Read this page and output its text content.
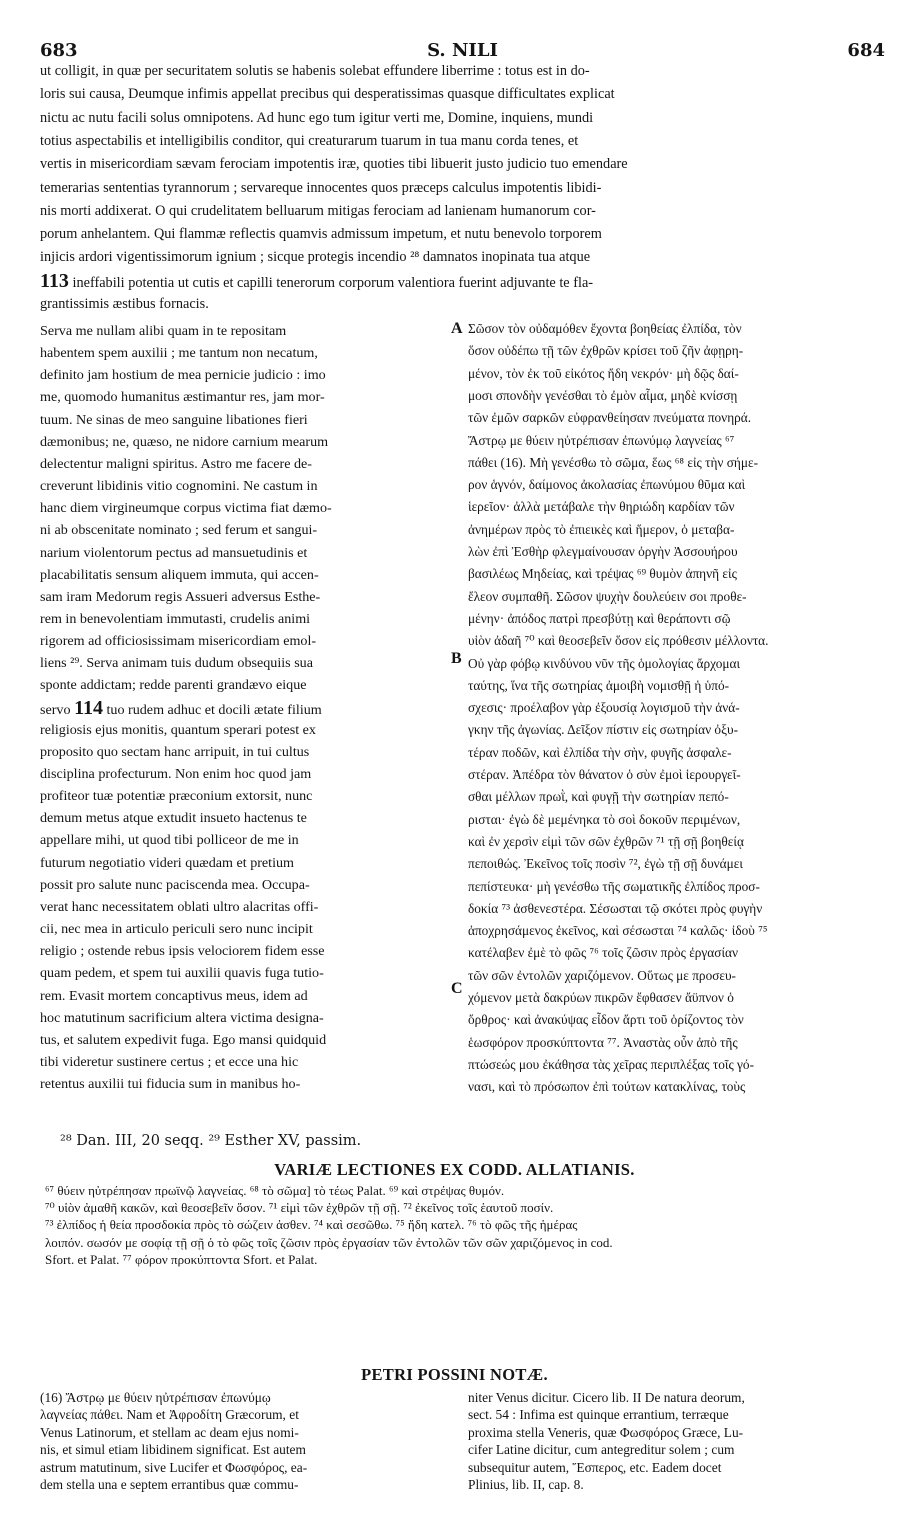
683	S. NILI	684
ut colligit, in quæ per securitatem solutis se habenis solebat effundere liberrime : totus est in do-
loris sui causa, Deumque infimis appellat precibus qui desperatissimas quasque difficultates explicat
nictu ac nutu facili solus omnipotens. Ad hunc ego tum igitur verti me, Domine, inquiens, mundi
totius aspectabilis et intelligibilis conditor, qui creaturarum tuarum in tua manu corda tenes, et
vertis in misericordiam sævam ferociam impotentis iræ, quoties tibi libuerit justo judicio tuo emendare
temerarias sententias tyrannorum ; servareque innocentes quos præceps calculus impotentis libidi-
nis morti addixerat. O qui crudelitatem belluarum mitigas ferociam ad lanienam humanorum cor-
porum anhelantem. Qui flammæ reflectis quamvis admissum impetum, et nutu benevolo torporem
injicis ardori vigentissimorum ignium ; sicque protegis incendio ²⁸ damnatos inopinata tua atque
113 ineffabili potentia ut cutis et capilli tenerorum corporum valentiora fuerint adjuvante te fla-
grantissimis æstibus fornacis.
Serva me nullam alibi quam in te repositam
habentem spem auxilii ; me tantum non necatum,
definito jam hostium de mea pernicie judicio : imo
me, quomodo humanitus æstimantur res, jam mor-
tuum. Ne sinas de meo sanguine libationes fieri
dæmonibus; ne, quæso, ne nidore carnium mearum
delectentur maligni spiritus. Astro me facere de-
creverunt libidinis vitio cognomini. Ne castum in
hanc diem virgineumque corpus victima fiat dæmo-
ni ab obscenitate nominato ; sed ferum et sangui-
narium violentorum pectus ad mansuetudinis et
placabilitatis sensum aliquem immuta, qui accen-
sam iram Medorum regis Assueri adversus Esthe-
rem in benevolentiam immutasti, crudelis animi
rigorem ad officiosissimam misericordiam emol-
liens ²⁹. Serva animam tuis dudum obsequiis sua
sponte addictam; redde parenti grandævo eique
servo 114 tuo rudem adhuc et docili ætate filium
religiosis ejus monitis, quantum sperari potest ex
proposito quo sectam hanc arripuit, in tui cultus
disciplina profecturum. Non enim hoc quod jam
profiteor tuæ potentiæ præconium extorsit, nunc
demum metus atque extudit insueto hactenus te
appellare mihi, ut quod tibi polliceor de me in
futurum negotiatio videri quædam et pretium
possit pro salute nunc paciscenda mea. Occupa-
verat hanc necessitatem oblati ultro alacritas offi-
cii, nec mea in articulo periculi sero nunc incipit
religio ; ostende rebus ipsis velociorem fidem esse
quam pedem, et spem tui auxilii quavis fuga tutio-
rem. Evasit mortem concaptivus meus, idem ad
hoc matutinum sacrificium altera victima designa-
tus, et salutem expedivit fuga. Ego mansi quidquid
tibi videretur sustinere certus ; et ecce una hic
retentus auxilii tui fiducia sum in manibus ho-
Σῶσον τὸν οὐδαμόθεν ἔχοντα βοηθείας ἐλπίδα, τὸν
ὅσον οὐδέπω τῇ τῶν ἐχθρῶν κρίσει τοῦ ζῆν ἀφῃρη-
μένον, τὸν ἐκ τοῦ εἰκότος ἤδη νεκρόν· μὴ δῷς δαί-
μοσι σπονδὴν γενέσθαι τὸ ἐμὸν αἷμα, μηδὲ κνίσσῃ
τῶν ἐμῶν σαρκῶν εὐφρανθείησαν πνεύματα πονηρά.
Ἄστρῳ με θύειν ηὐτρέπισαν ἐπωνύμῳ λαγνείας ⁶⁷
πάθει (16). Μὴ γενέσθω τὸ σῶμα, ἕως ⁶⁸ εἰς τὴν σήμε-
ρον ἁγνόν, δαίμονος ἀκολασίας ἐπωνύμου θῦμα καὶ
ἱερεῖον· ἀλλὰ μετάβαλε τὴν θηριώδη καρδίαν τῶν
ἀνημέρων πρὸς τὸ ἐπιεικὲς καὶ ἥμερον, ὁ μεταβα-
λὼν ἐπὶ Ἐσθὴρ φλεγμαίνουσαν ὀργὴν Ἀσσουήρου
βασιλέως Μηδείας, καὶ τρέψας ⁶⁹ θυμὸν ἀπηνῆ εἰς
ἔλεον συμπαθῆ. Σῶσον ψυχὴν δουλεύειν σοι προθε-
μένην· ἀπόδος πατρὶ πρεσβύτῃ καὶ θεράποντι σῷ
υἱὸν ἀδαῆ ⁷⁰ καὶ θεοσεβεῖν ὅσον εἰς πρόθεσιν μέλλοντα.
Οὐ γὰρ φόβῳ κινδύνου νῦν τῆς ὁμολογίας ἄρχομαι
ταύτης, ἵνα τῆς σωτηρίας ἀμοιβὴ νομισθῇ ἡ ὑπό-
σχεσις· προέλαβον γὰρ ἐξουσίᾳ λογισμοῦ τὴν ἀνά-
γκην τῆς ἀγωνίας. Δεῖξον πίστιν εἰς σωτηρίαν ὀξυ-
τέραν ποδῶν, καὶ ἐλπίδα τὴν σὴν, φυγῆς ἀσφαλε-
στέραν. Ἀπέδρα τὸν θάνατον ὁ σὺν ἐμοὶ ἱερουργεῖ-
σθαι μέλλων πρωῒ, καὶ φυγῇ τὴν σωτηρίαν πεπό-
ρισται· ἐγὼ δὲ μεμένηκα τὸ σοὶ δοκοῦν περιμένων,
καὶ ἐν χερσὶν εἰμὶ τῶν σῶν ἐχθρῶν ⁷¹ τῇ σῇ βοηθείᾳ
πεποιθώς. Ἐκεῖνος τοῖς ποσὶν ⁷², ἐγὼ τῇ σῇ δυνάμει
πεπίστευκα· μὴ γενέσθω τῆς σωματικῆς ἐλπίδος προσ-
δοκία ⁷³ ἀσθενεστέρα. Σέσωσται τῷ σκότει πρὸς φυγὴν
ἀποχρησάμενος ἐκεῖνος, καὶ σέσωσται ⁷⁴ καλῶς· ἰδοὺ ⁷⁵
κατέλαβεν ἐμὲ τὸ φῶς ⁷⁶ τοῖς ζῶσιν πρὸς ἐργασίαν
τῶν σῶν ἐντολῶν χαριζόμενον. Οὕτως με προσευ-
χόμενον μετὰ δακρύων πικρῶν ἔφθασεν ἄϋπνον ὁ
ὄρθρος· καὶ ἀνακύψας εἶδον ἄρτι τοῦ ὁρίζοντος τὸν
ἑωσφόρον προσκύπτοντα ⁷⁷. Ἀναστὰς οὖν ἀπὸ τῆς
πτώσεώς μου ἐκάθησα τὰς χεῖρας περιπλέξας τοῖς γό-
νασι, καὶ τὸ πρόσωπον ἐπὶ τούτων κατακλίνας, τοὺς
A
B
C
²⁸ Dan. III, 20 seqq. ²⁹ Esther XV, passim.
VARIÆ LECTIONES EX CODD. ALLATIANIS.
⁶⁷ θύειν ηὐτρέπησαν πρωϊνῷ λαγνείας. ⁶⁸ τὸ σῶμα] τὸ τέως Palat. ⁶⁹ καὶ στρέψας θυμόν.
⁷⁰ υἱὸν ἀμαθῆ κακῶν, καὶ θεοσεβεῖν ὅσον. ⁷¹ εἰμὶ τῶν ἐχθρῶν τῇ σῇ. ⁷² ἐκεῖνος τοῖς ἑαυτοῦ ποσίν.
⁷³ ἐλπίδος ἡ θεία προσδοκία πρὸς τὸ σώζειν ἀσθεν. ⁷⁴ καὶ σεσῶθω. ⁷⁵ ἤδη κατελ. ⁷⁶ τὸ φῶς τῆς ἡμέρας
λοιπόν. σωσόν με σοφίᾳ τῇ σῇ ὁ τὸ φῶς τοῖς ζῶσιν πρὸς ἐργασίαν τῶν ἐντολῶν τῶν σῶν χαριζόμενος in cod.
Sfort. et Palat. ⁷⁷ φόρον προκύπτοντα Sfort. et Palat.
PETRI POSSINI NOTÆ.
(16) Ἄστρῳ με θύειν ηὐτρέπισαν ἐπωνύμῳ
λαγνείας πάθει. Nam et Ἀφροδίτη Græcorum, et
Venus Latinorum, et stellam ac deam ejus nomi-
nis, et simul etiam libidinem significat. Est autem
astrum matutinum, sive Lucifer et Φωσφόρος, ea-
dem stella una e septem errantibus quæ commu-
niter Venus dicitur. Cicero lib. II De natura deorum,
sect. 54 : Infima est quinque errantium, terræque
proxima stella Veneris, quæ Φωσφόρος Græce, Lu-
cifer Latine dicitur, cum antegreditur solem ; cum
subsequitur autem, Ἕσπερος, etc. Eadem docet
Plinius, lib. II, cap. 8.
